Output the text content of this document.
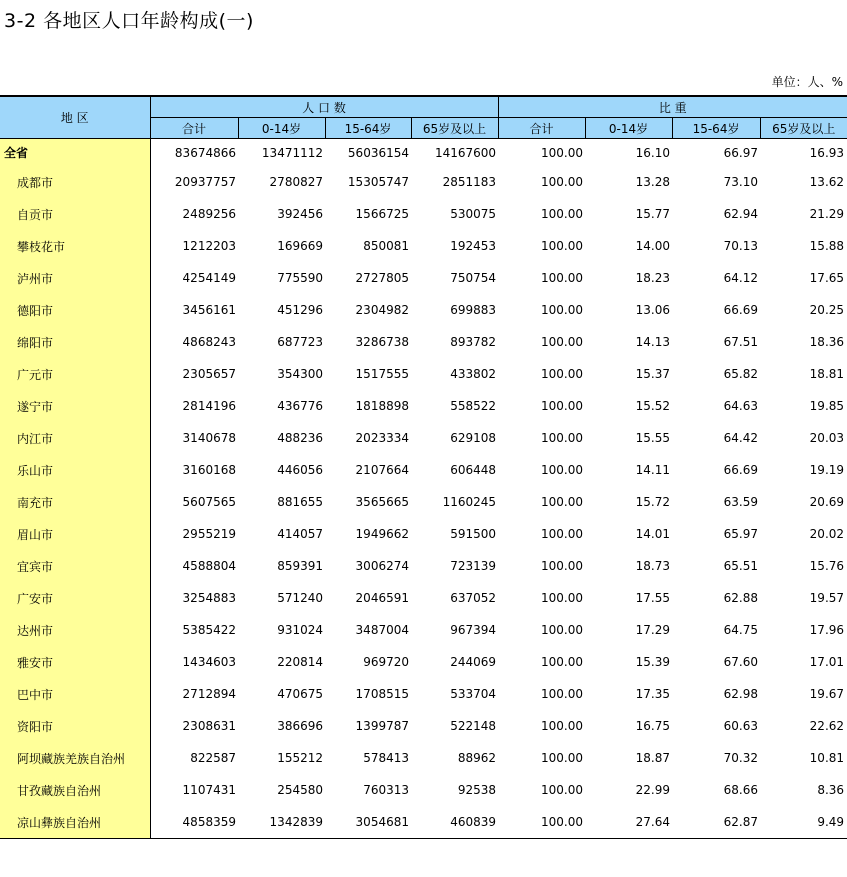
3-2 各地区人口年龄构成(一)
单位：人、%
地 区	人 口 数				比 重			
	合计	0-14岁	15-64岁	65岁及以上	合计	0-14岁	15-64岁	65岁及以上
全省	83674866	13471112	56036154	14167600	100.00	16.10	66.97	16.93
成都市	20937757	2780827	15305747	2851183	100.00	13.28	73.10	13.62
自贡市	2489256	392456	1566725	530075	100.00	15.77	62.94	21.29
攀枝花市	1212203	169669	850081	192453	100.00	14.00	70.13	15.88
泸州市	4254149	775590	2727805	750754	100.00	18.23	64.12	17.65
德阳市	3456161	451296	2304982	699883	100.00	13.06	66.69	20.25
绵阳市	4868243	687723	3286738	893782	100.00	14.13	67.51	18.36
广元市	2305657	354300	1517555	433802	100.00	15.37	65.82	18.81
遂宁市	2814196	436776	1818898	558522	100.00	15.52	64.63	19.85
内江市	3140678	488236	2023334	629108	100.00	15.55	64.42	20.03
乐山市	3160168	446056	2107664	606448	100.00	14.11	66.69	19.19
南充市	5607565	881655	3565665	1160245	100.00	15.72	63.59	20.69
眉山市	2955219	414057	1949662	591500	100.00	14.01	65.97	20.02
宜宾市	4588804	859391	3006274	723139	100.00	18.73	65.51	15.76
广安市	3254883	571240	2046591	637052	100.00	17.55	62.88	19.57
达州市	5385422	931024	3487004	967394	100.00	17.29	64.75	17.96
雅安市	1434603	220814	969720	244069	100.00	15.39	67.60	17.01
巴中市	2712894	470675	1708515	533704	100.00	17.35	62.98	19.67
资阳市	2308631	386696	1399787	522148	100.00	16.75	60.63	22.62
阿坝藏族羌族自治州	822587	155212	578413	88962	100.00	18.87	70.32	10.81
甘孜藏族自治州	1107431	254580	760313	92538	100.00	22.99	68.66	8.36
凉山彝族自治州	4858359	1342839	3054681	460839	100.00	27.64	62.87	9.49
